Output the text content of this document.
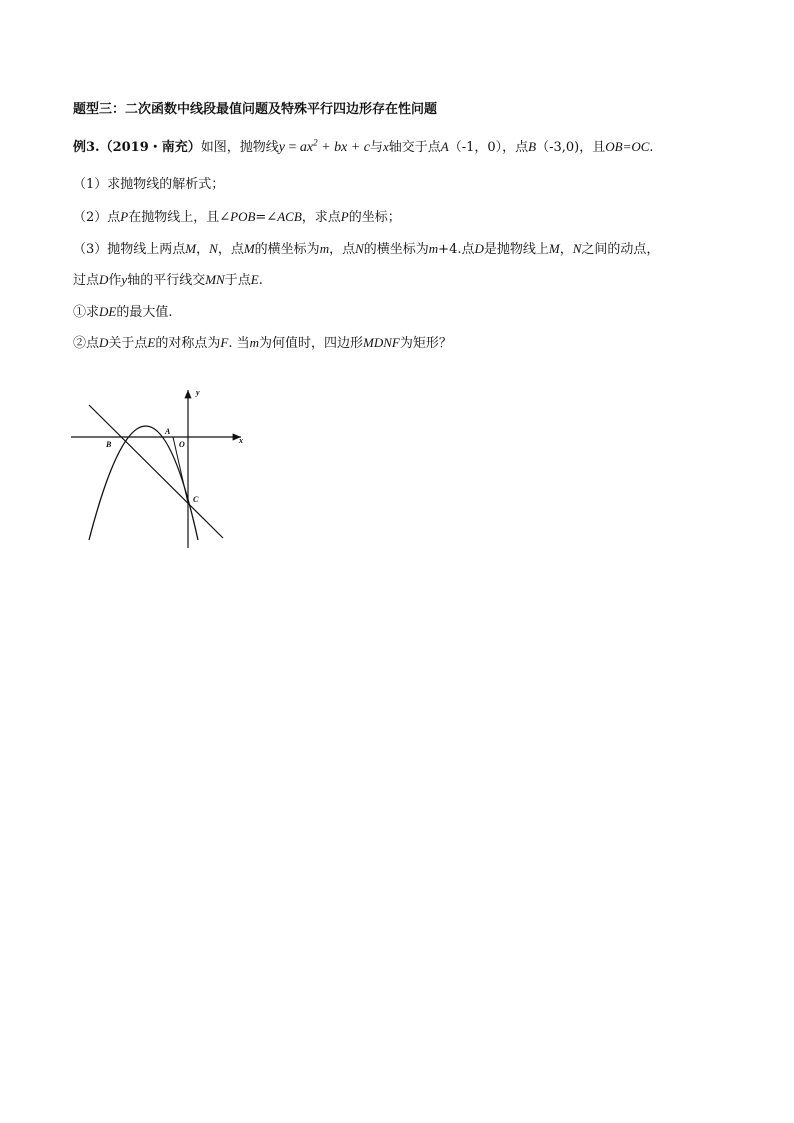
题型三：二次函数中线段最值问题及特殊平行四边形存在性问题
例3.（2019・南充）如图，抛物线$y = ax^2$ + bx + c与x轴交于点A（-1，0），点B（-3,0)，且OB=OC.
（1）求抛物线的解析式；
（2）点P在抛物线上，且∠POB=∠ACB，求点P的坐标；
（3）抛物线上两点M，N，点M的横坐标为m，点N的横坐标为m+4.点D是抛物线上M，N之间的动点，
过点D作y轴的平行线交MN于点E.
①求DE的最大值.
②点D关于点E的对称点为F. 当m为何值时，四边形MDNF为矩形？
y
x
B
A
O
C
